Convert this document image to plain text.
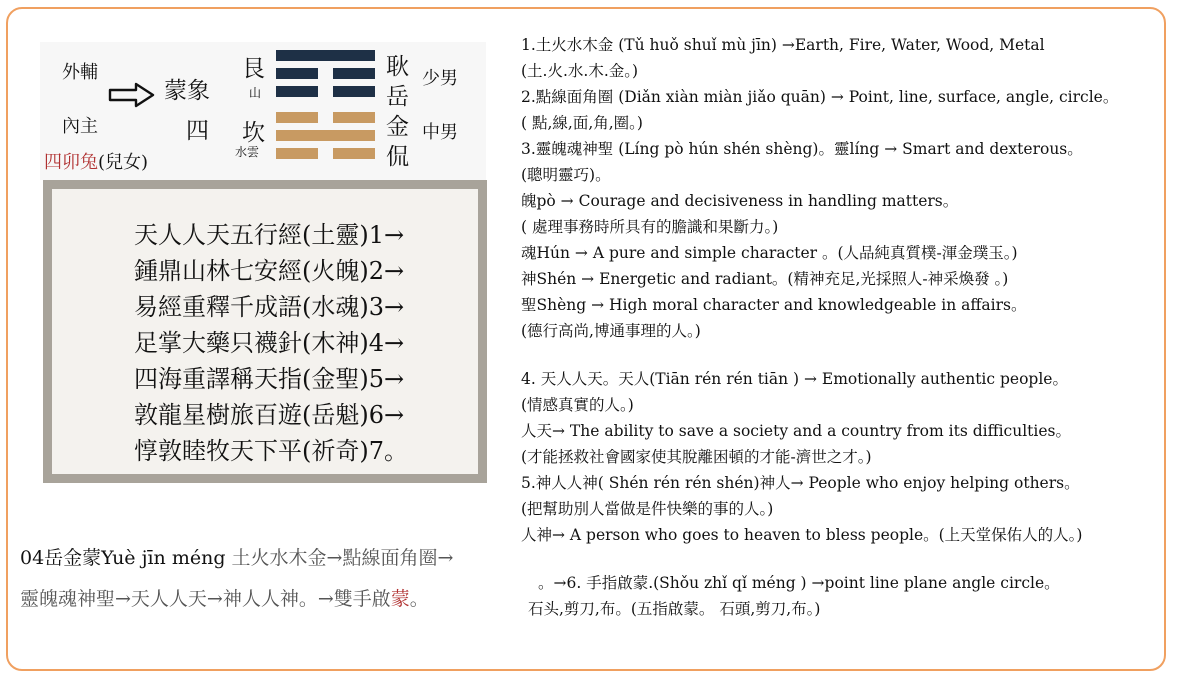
外輔
內主
蒙象
四
艮
山
坎
水雲
耿
岳
金
侃
少男
中男
四卯兔(兒女)
天人人天五行經(土靈)1→
鍾鼎山林七安經(火魄)2→
易經重釋千成語(水魂)3→
足掌大藥只襪針(木神)4→
四海重譯稱天指(金聖)5→
敦龍星樹旅百遊(岳魁)6→
惇敦睦牧天下平(祈奇)7。
1.土火水木金 (Tǔ huǒ shuǐ mù jīn) →Earth, Fire, Water, Wood, Metal
(土.火.水.木.金。)
2.點線面角圈 (Diǎn xiàn miàn jiǎo quān) → Point, line, surface, angle, circle。
( 點,線,面,角,圈。)
3.靈魄魂神聖 (Líng pò hún shén shèng)。靈líng → Smart and dexterous。
(聰明靈巧)。
魄pò → Courage and decisiveness in handling matters。
( 處理事務時所具有的膽識和果斷力。)
魂Hún → A pure and simple character 。(人品純真質樸-渾金璞玉。)
神Shén → Energetic and radiant。(精神充足,光採照人-神采煥發 。)
聖Shèng → High moral character and knowledgeable in affairs。
(德行高尚,博通事理的人。)
4. 天人人天。天人(Tiān rén rén tiān ) → Emotionally authentic people。
(情感真實的人。)
人天→ The ability to save a society and a country from its difficulties。
(才能拯救社會國家使其脫離困頓的才能-濟世之才。)
5.神人人神( Shén rén rén shén)神人→ People who enjoy helping others。
(把幫助別人當做是件快樂的事的人。)
人神→ A person who goes to heaven to bless people。(上天堂保佑人的人。)
。→6. 手指啟蒙.(Shǒu zhǐ qǐ méng ) →point line plane angle circle。
石头,剪刀,布。(五指啟蒙。 石頭,剪刀,布。)
04岳金蒙Yuè jīn méng 土火水木金→點線面角圈→
靈魄魂神聖→天人人天→神人人神。→雙手啟蒙。
